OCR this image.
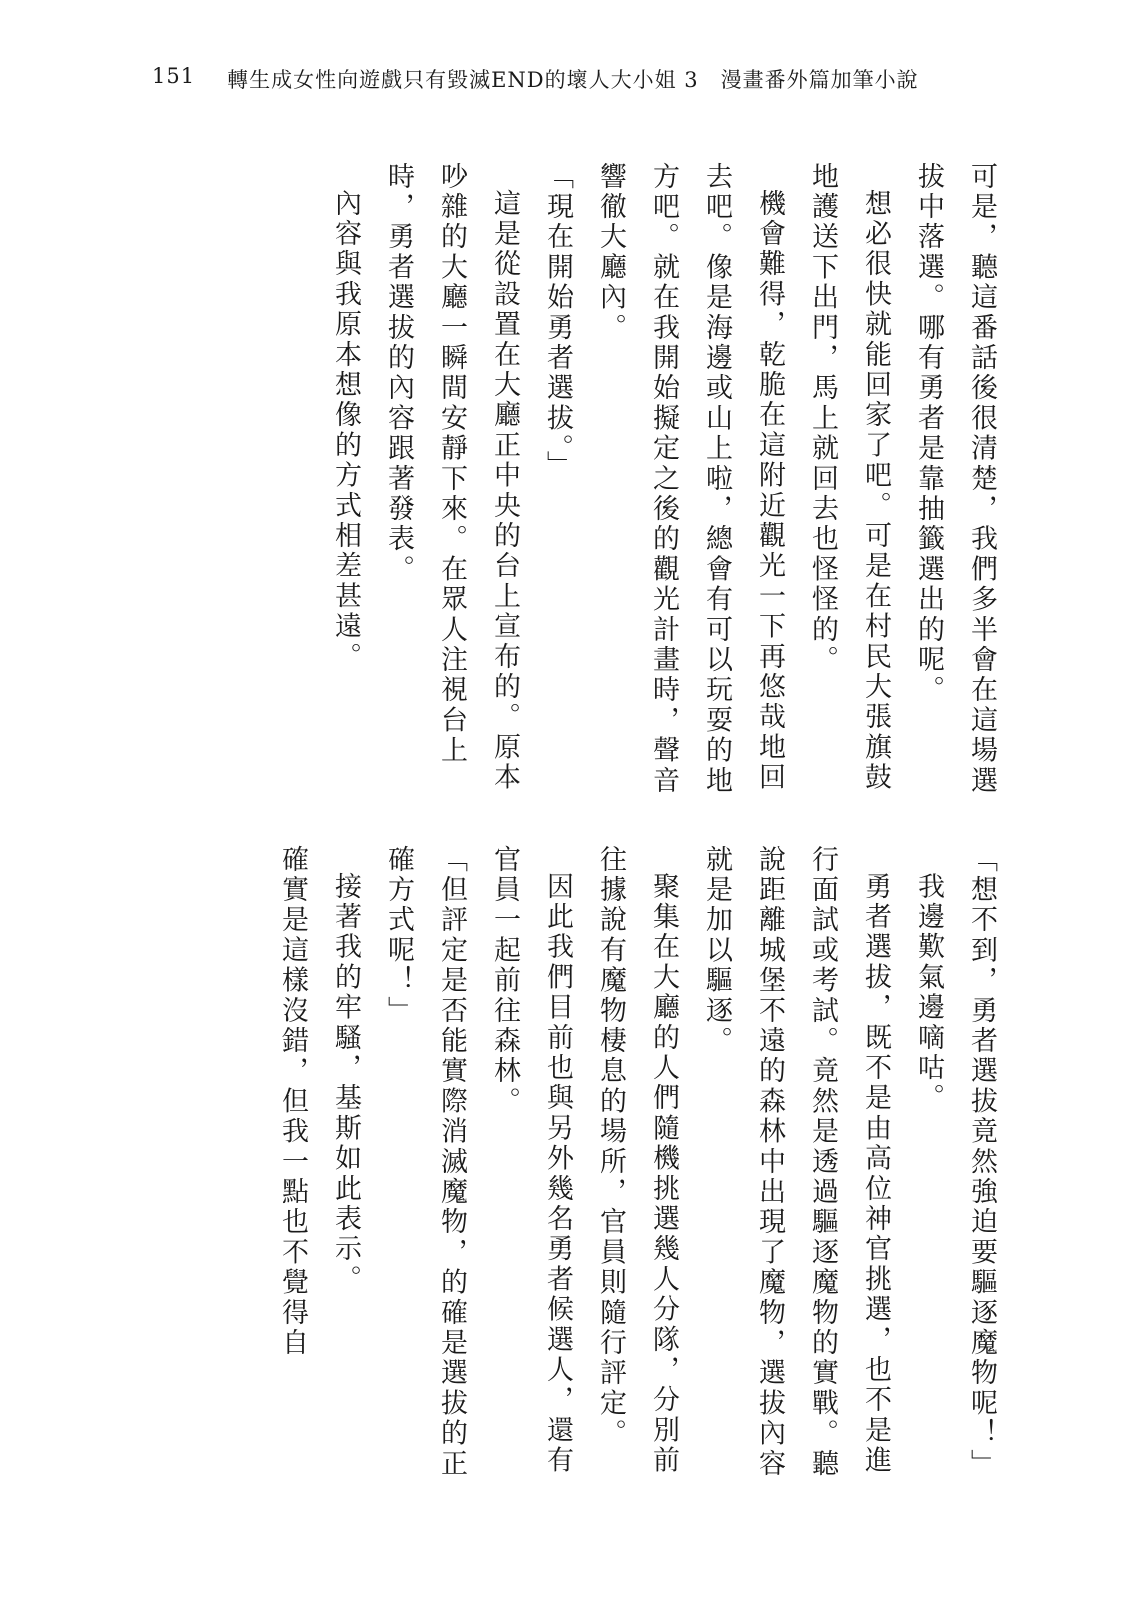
151 轉生成女性向遊戲只有毀滅END的壞人大小姐 3　漫畫番外篇加筆小說

可是，聽這番話後很清楚，我們多半會在這場選拔中落選。哪有勇者是靠抽籤選出的呢。

想必很快就能回家了吧。可是在村民大張旗鼓地護送下出門，馬上就回去也怪怪的。

機會難得，乾脆在這附近觀光一下再悠哉地回去吧。像是海邊或山上啦，總會有可以玩耍的地方吧。就在我開始擬定之後的觀光計畫時，聲音響徹大廳內。

「現在開始勇者選拔。」

這是從設置在大廳正中央的台上宣布的。原本吵雜的大廳一瞬間安靜下來。在眾人注視台上時，勇者選拔的內容跟著發表。

內容與我原本想像的方式相差甚遠。

「想不到，勇者選拔竟然強迫要驅逐魔物呢！」

我邊歎氣邊嘀咕。

勇者選拔，既不是由高位神官挑選，也不是進行面試或考試。竟然是透過驅逐魔物的實戰。聽說距離城堡不遠的森林中出現了魔物，選拔內容就是加以驅逐。

聚集在大廳的人們隨機挑選幾人分隊，分別前往據說有魔物棲息的場所，官員則隨行評定。

因此我們目前也與另外幾名勇者候選人，還有官員一起前往森林。

「但評定是否能實際消滅魔物，的確是選拔的正確方式呢！」

接著我的牢騷，基斯如此表示。

確實是這樣沒錯，但我一點也不覺得自
